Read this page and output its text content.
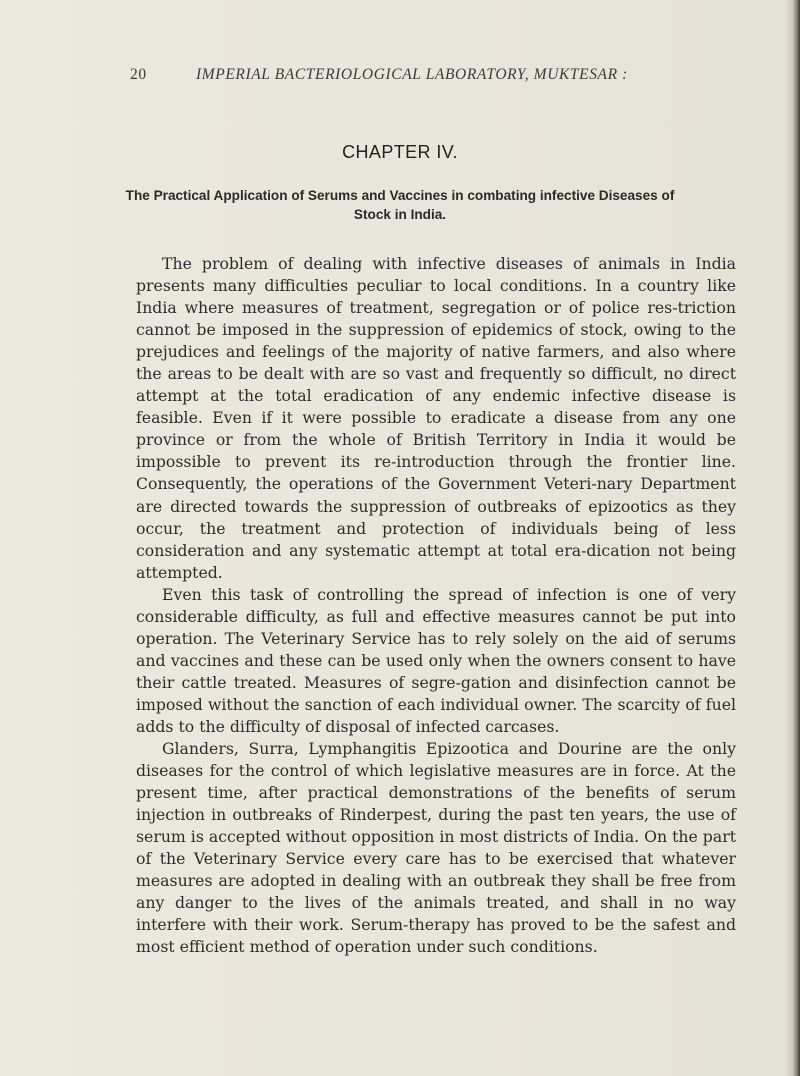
20	IMPERIAL BACTERIOLOGICAL LABORATORY, MUKTESAR :
CHAPTER IV.
The Practical Application of Serums and Vaccines in combating infective Diseases of Stock in India.

The problem of dealing with infective diseases of animals in India presents many difficulties peculiar to local conditions. In a country like India where measures of treatment, segregation or of police res-triction cannot be imposed in the suppression of epidemics of stock, owing to the prejudices and feelings of the majority of native farmers, and also where the areas to be dealt with are so vast and frequently so difficult, no direct attempt at the total eradication of any endemic infective disease is feasible. Even if it were possible to eradicate a disease from any one province or from the whole of British Territory in India it would be impossible to prevent its re-introduction through the frontier line. Consequently, the operations of the Government Veteri-nary Department are directed towards the suppression of outbreaks of epizootics as they occur, the treatment and protection of individuals being of less consideration and any systematic attempt at total era-dication not being attempted.

Even this task of controlling the spread of infection is one of very considerable difficulty, as full and effective measures cannot be put into operation. The Veterinary Service has to rely solely on the aid of serums and vaccines and these can be used only when the owners consent to have their cattle treated. Measures of segre-gation and disinfection cannot be imposed without the sanction of each individual owner. The scarcity of fuel adds to the difficulty of disposal of infected carcases.

Glanders, Surra, Lymphangitis Epizootica and Dourine are the only diseases for the control of which legislative measures are in force. At the present time, after practical demonstrations of the benefits of serum injection in outbreaks of Rinderpest, during the past ten years, the use of serum is accepted without opposition in most districts of India. On the part of the Veterinary Service every care has to be exercised that whatever measures are adopted in dealing with an outbreak they shall be free from any danger to the lives of the animals treated, and shall in no way interfere with their work. Serum-therapy has proved to be the safest and most efficient method of operation under such conditions.
